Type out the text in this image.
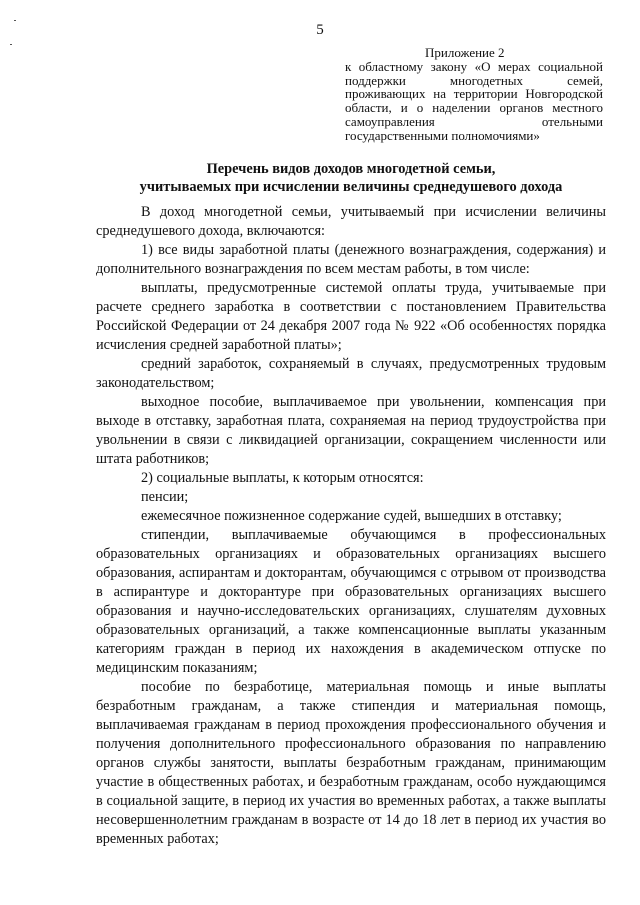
5
Приложение 2
к областному закону «О мерах социальной поддержки многодетных семей, проживающих на территории Новгородской области, и о наделении органов местного самоуправления отельными государственными полномочиями»
Перечень видов доходов многодетной семьи,
учитываемых при исчислении величины среднедушевого дохода

В доход многодетной семьи, учитываемый при исчислении величины среднедушевого дохода, включаются:

1) все виды заработной платы (денежного вознаграждения, содержания) и дополнительного вознаграждения по всем местам работы, в том числе:

выплаты, предусмотренные системой оплаты труда, учитываемые при расчете среднего заработка в соответствии с постановлением Правительства Российской Федерации от 24 декабря 2007 года № 922 «Об особенностях порядка исчисления средней заработной платы»;

средний заработок, сохраняемый в случаях, предусмотренных трудовым законодательством;

выходное пособие, выплачиваемое при увольнении, компенсация при выходе в отставку, заработная плата, сохраняемая на период трудоустройства при увольнении в связи с ликвидацией организации, сокращением численности или штата работников;

2) социальные выплаты, к которым относятся:

пенсии;

ежемесячное пожизненное содержание судей, вышедших в отставку;

стипендии, выплачиваемые обучающимся в профессиональных образовательных организациях и образовательных организациях высшего образования, аспирантам и докторантам, обучающимся с отрывом от производства в аспирантуре и докторантуре при образовательных организациях высшего образования и научно-исследовательских организациях, слушателям духовных образовательных организаций, а также компенсационные выплаты указанным категориям граждан в период их нахождения в академическом отпуске по медицинским показаниям;

пособие по безработице, материальная помощь и иные выплаты безработным гражданам, а также стипендия и материальная помощь, выплачиваемая гражданам в период прохождения профессионального обучения и получения дополнительного профессионального образования по направлению органов службы занятости, выплаты безработным гражданам, принимающим участие в общественных работах, и безработным гражданам, особо нуждающимся в социальной защите, в период их участия во временных работах, а также выплаты несовершеннолетним гражданам в возрасте от 14 до 18 лет в период их участия во временных работах;
